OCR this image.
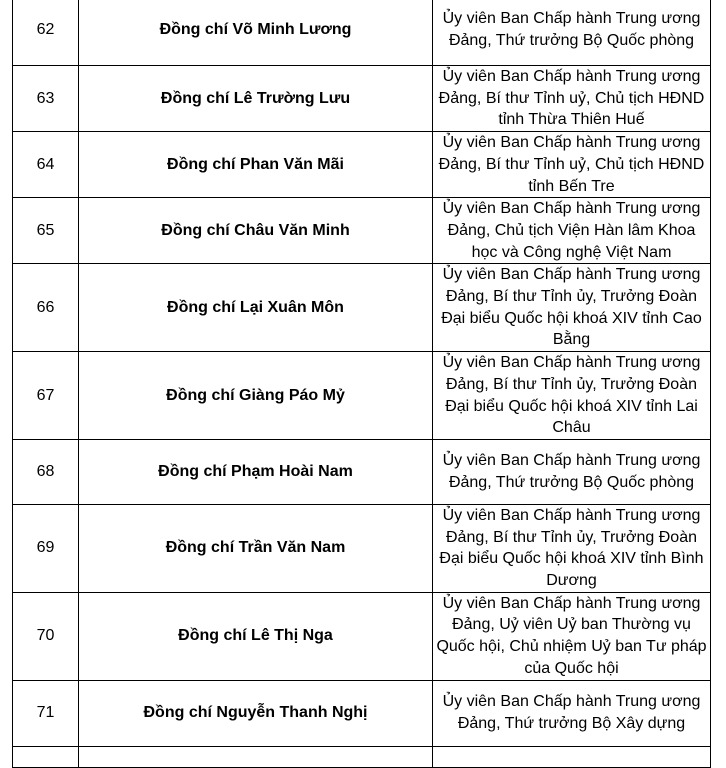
62	Đồng chí Võ Minh Lương	Ủy viên Ban Chấp hành Trung ương Đảng, Thứ trưởng Bộ Quốc phòng
63	Đồng chí Lê Trường Lưu	Ủy viên Ban Chấp hành Trung ương Đảng, Bí thư Tỉnh uỷ, Chủ tịch HĐND tỉnh Thừa Thiên Huế
64	Đồng chí Phan Văn Mãi	Ủy viên Ban Chấp hành Trung ương Đảng, Bí thư Tỉnh uỷ, Chủ tịch HĐND tỉnh Bến Tre
65	Đồng chí Châu Văn Minh	Ủy viên Ban Chấp hành Trung ương Đảng, Chủ tịch Viện Hàn lâm Khoa học và Công nghệ Việt Nam
66	Đồng chí Lại Xuân Môn	Ủy viên Ban Chấp hành Trung ương Đảng, Bí thư Tỉnh ủy, Trưởng Đoàn Đại biểu Quốc hội khoá XIV tỉnh Cao Bằng
67	Đồng chí Giàng Páo Mỷ	Ủy viên Ban Chấp hành Trung ương Đảng, Bí thư Tỉnh ủy, Trưởng Đoàn Đại biểu Quốc hội khoá XIV tỉnh Lai Châu
68	Đồng chí Phạm Hoài Nam	Ủy viên Ban Chấp hành Trung ương Đảng, Thứ trưởng Bộ Quốc phòng
69	Đồng chí Trần Văn Nam	Ủy viên Ban Chấp hành Trung ương Đảng, Bí thư Tỉnh ủy, Trưởng Đoàn Đại biểu Quốc hội khoá XIV tỉnh Bình Dương
70	Đồng chí Lê Thị Nga	Ủy viên Ban Chấp hành Trung ương Đảng, Uỷ viên Uỷ ban Thường vụ Quốc hội, Chủ nhiệm Uỷ ban Tư pháp của Quốc hội
71	Đồng chí Nguyễn Thanh Nghị	Ủy viên Ban Chấp hành Trung ương Đảng, Thứ trưởng Bộ Xây dựng
